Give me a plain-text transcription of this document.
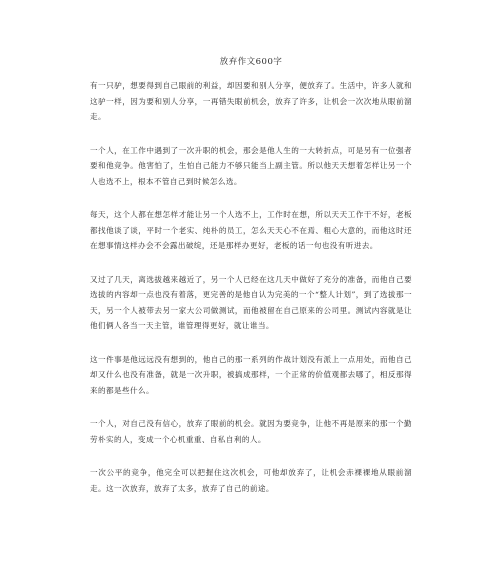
放弃作文600字

有一只驴，想要得到自己眼前的利益，却因要和别人分享，便放弃了。生活中，许多人就和这驴一样，因为要和别人分享，一再错失眼前机会，放弃了许多，让机会一次次地从眼前溜走。

一个人，在工作中遇到了一次升职的机会，那会是他人生的一大转折点，可是另有一位强者要和他竞争。他害怕了，生怕自己能力不够只能当上副主管。所以他天天想着怎样让另一个人也选不上，根本不管自己到时候怎么选。

每天，这个人都在想怎样才能让另一个人选不上，工作时在想，所以天天工作干不好，老板都找他谈了谈，平时一个老实、纯朴的员工，怎么天天心不在焉、粗心大意的，而他这时还在想事情这样办会不会露出破绽，还是那样办更好，老板的话一句也没有听进去。

又过了几天，离选拔越来越近了，另一个人已经在这几天中做好了充分的准备，而他自己要选拔的内容却一点也没有着落，更完善的是他自认为完美的一个“整人计划”，到了选拔那一天，另一个人被带去另一家大公司做测试，而他被留在自己原来的公司里。测试内容就是让他们俩人各当一天主管，谁管理得更好，就让谁当。

这一件事是他远远没有想到的，他自己的那一系列的作战计划没有派上一点用处，而他自己却又什么也没有准备，就是一次升职，被搞成那样，一个正常的价值观都去哪了，相反那得来的都是些什么。

一个人，对自己没有信心，放弃了眼前的机会。就因为要竞争，让他不再是原来的那一个勤劳朴实的人，变成一个心机重重、自私自利的人。

一次公平的竞争，他完全可以把握住这次机会，可他却放弃了，让机会赤裸裸地从眼前溜走。这一次放弃，放弃了太多，放弃了自己的前途。
